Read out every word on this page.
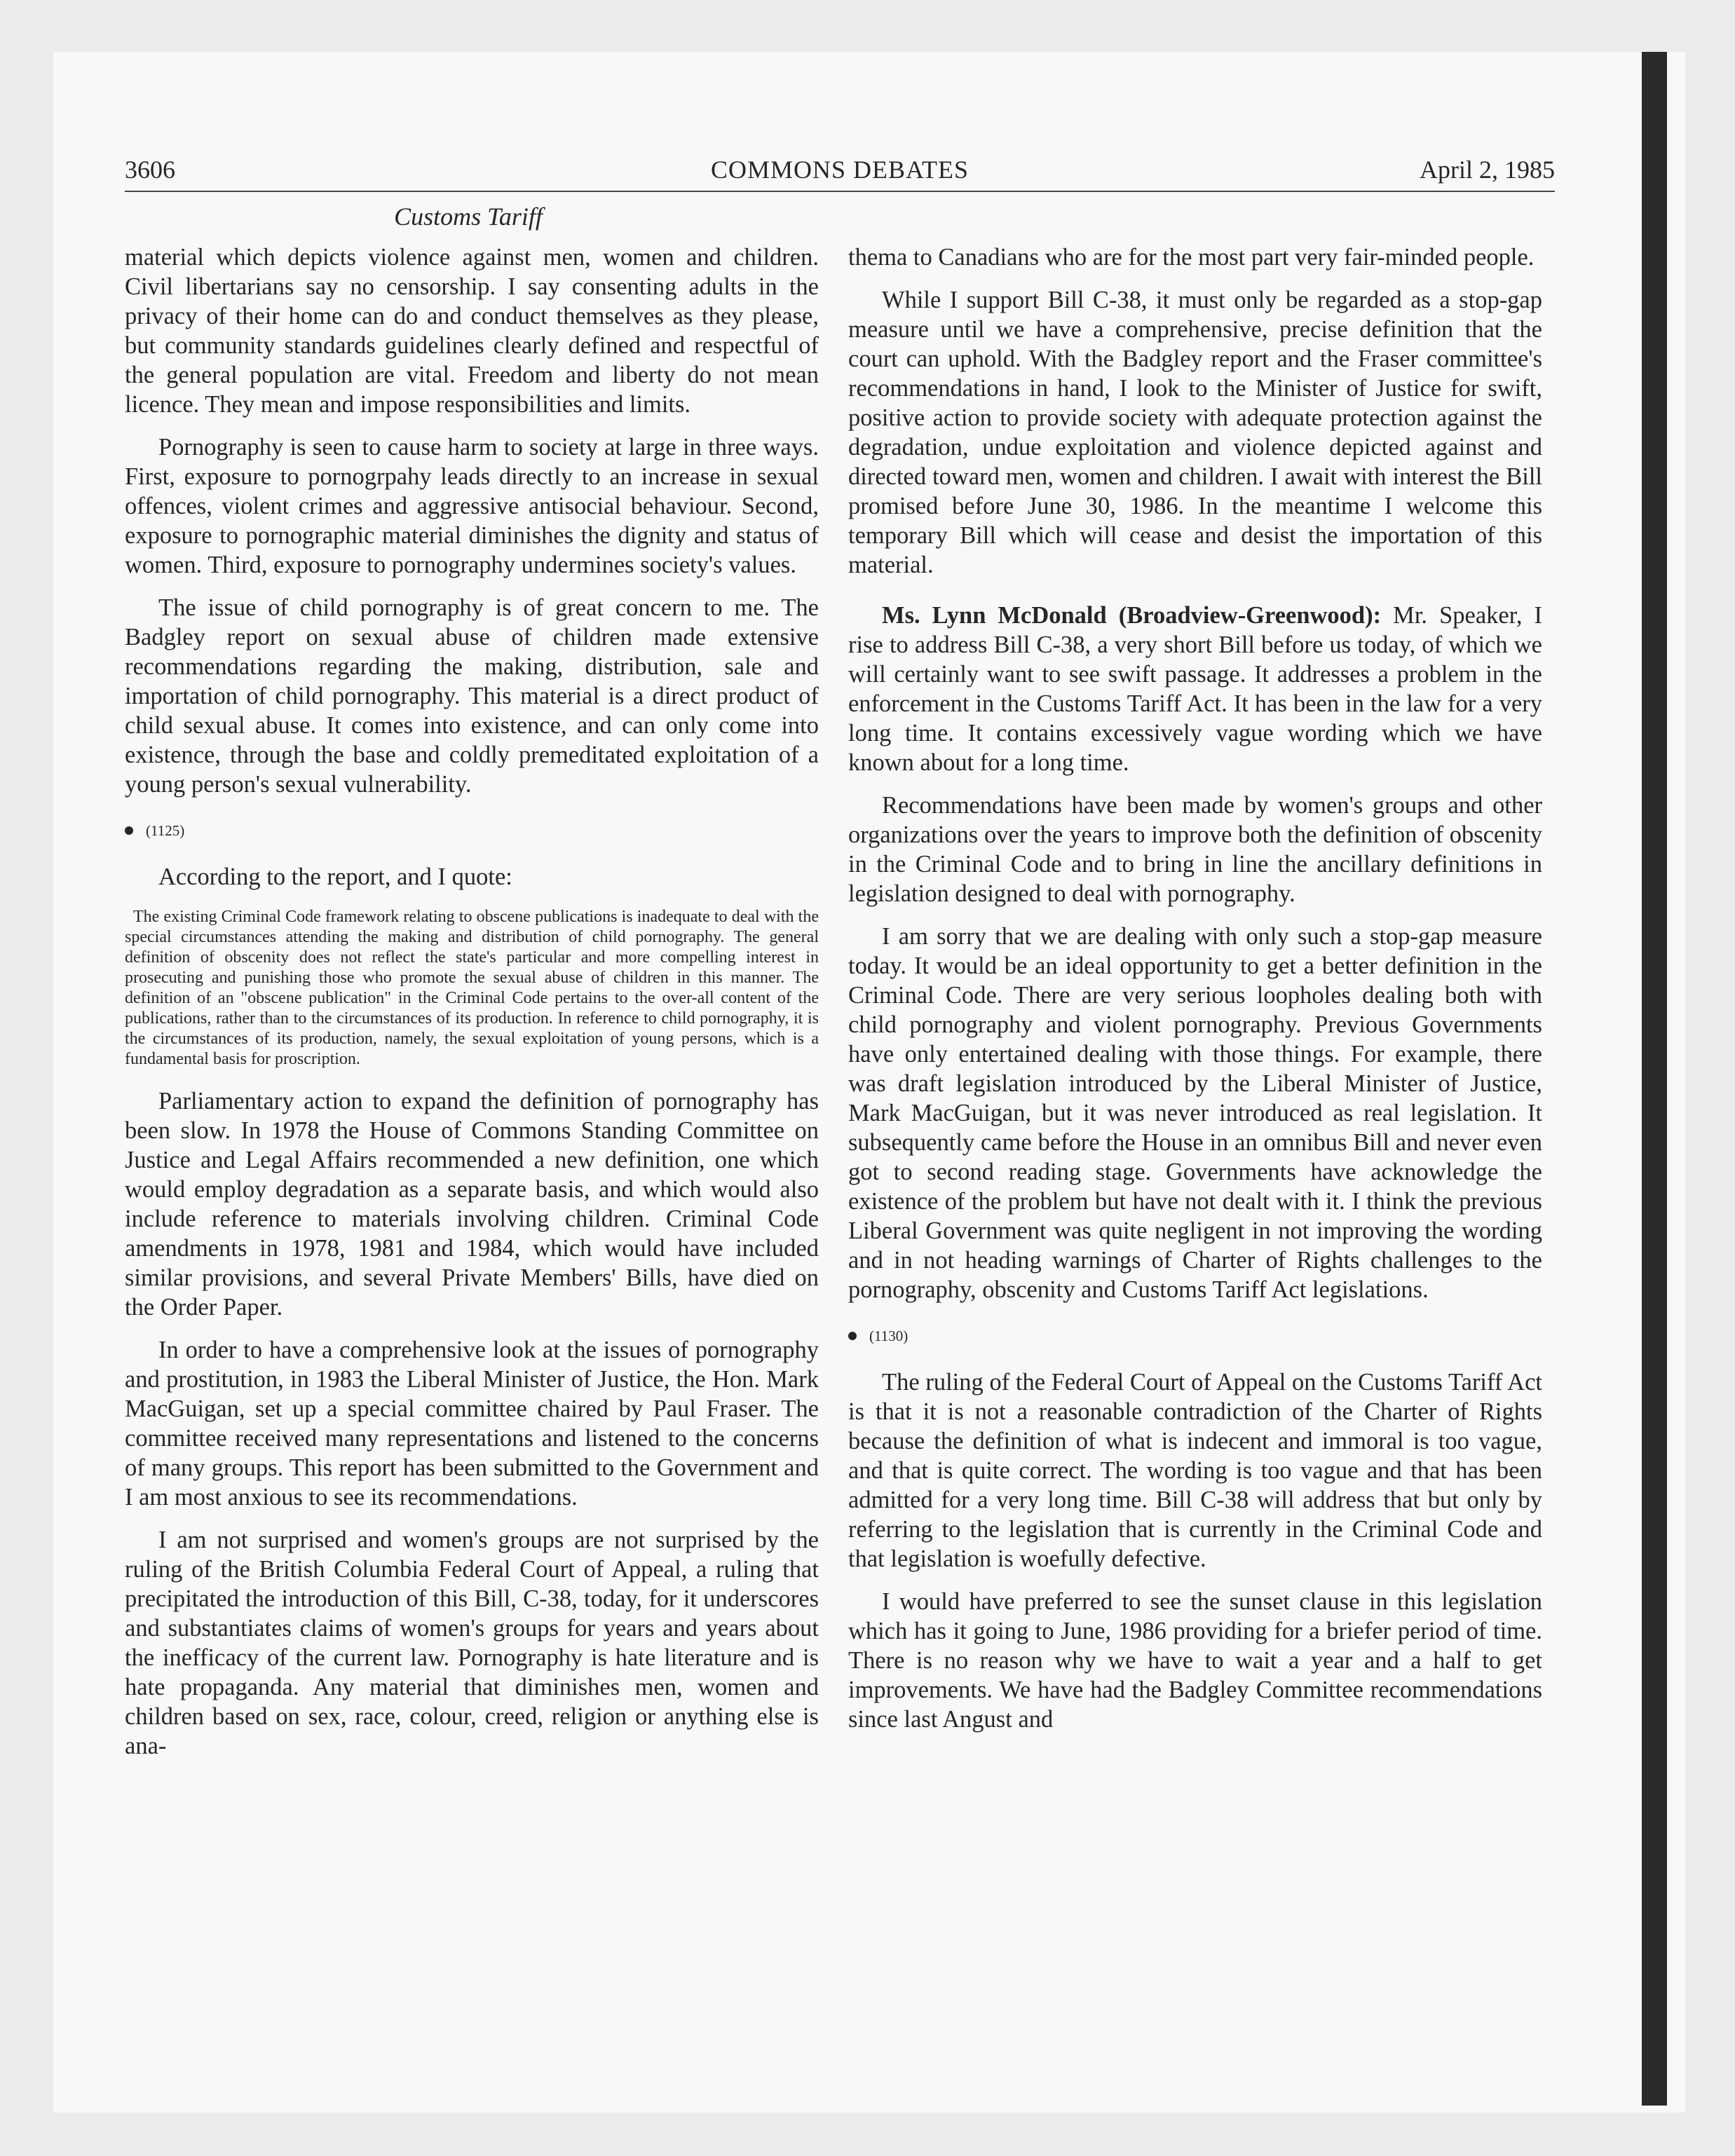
3606	COMMONS DEBATES	April 2, 1985
Customs Tariff

material which depicts violence against men, women and children. Civil libertarians say no censorship. I say consenting adults in the privacy of their home can do and conduct themselves as they please, but community standards guidelines clearly defined and respectful of the general population are vital. Freedom and liberty do not mean licence. They mean and impose responsibilities and limits.

Pornography is seen to cause harm to society at large in three ways. First, exposure to pornogrpahy leads directly to an increase in sexual offences, violent crimes and aggressive antisocial behaviour. Second, exposure to pornographic material diminishes the dignity and status of women. Third, exposure to pornography undermines society's values.

The issue of child pornography is of great concern to me. The Badgley report on sexual abuse of children made extensive recommendations regarding the making, distribution, sale and importation of child pornography. This material is a direct product of child sexual abuse. It comes into existence, and can only come into existence, through the base and coldly premeditated exploitation of a young person's sexual vulnerability.

(1125)

According to the report, and I quote:

The existing Criminal Code framework relating to obscene publications is inadequate to deal with the special circumstances attending the making and distribution of child pornography. The general definition of obscenity does not reflect the state's particular and more compelling interest in prosecuting and punishing those who promote the sexual abuse of children in this manner. The definition of an "obscene publication" in the Criminal Code pertains to the over-all content of the publications, rather than to the circumstances of its production. In reference to child pornography, it is the circumstances of its production, namely, the sexual exploitation of young persons, which is a fundamental basis for proscription.

Parliamentary action to expand the definition of pornography has been slow. In 1978 the House of Commons Standing Committee on Justice and Legal Affairs recommended a new definition, one which would employ degradation as a separate basis, and which would also include reference to materials involving children. Criminal Code amendments in 1978, 1981 and 1984, which would have included similar provisions, and several Private Members' Bills, have died on the Order Paper.

In order to have a comprehensive look at the issues of pornography and prostitution, in 1983 the Liberal Minister of Justice, the Hon. Mark MacGuigan, set up a special committee chaired by Paul Fraser. The committee received many representations and listened to the concerns of many groups. This report has been submitted to the Government and I am most anxious to see its recommendations.

I am not surprised and women's groups are not surprised by the ruling of the British Columbia Federal Court of Appeal, a ruling that precipitated the introduction of this Bill, C-38, today, for it underscores and substantiates claims of women's groups for years and years about the inefficacy of the current law. Pornography is hate literature and is hate propaganda. Any material that diminishes men, women and children based on sex, race, colour, creed, religion or anything else is ana-

thema to Canadians who are for the most part very fair-minded people.

While I support Bill C-38, it must only be regarded as a stop-gap measure until we have a comprehensive, precise definition that the court can uphold. With the Badgley report and the Fraser committee's recommendations in hand, I look to the Minister of Justice for swift, positive action to provide society with adequate protection against the degradation, undue exploitation and violence depicted against and directed toward men, women and children. I await with interest the Bill promised before June 30, 1986. In the meantime I welcome this temporary Bill which will cease and desist the importation of this material.

Ms. Lynn McDonald (Broadview-Greenwood): Mr. Speaker, I rise to address Bill C-38, a very short Bill before us today, of which we will certainly want to see swift passage. It addresses a problem in the enforcement in the Customs Tariff Act. It has been in the law for a very long time. It contains excessively vague wording which we have known about for a long time.

Recommendations have been made by women's groups and other organizations over the years to improve both the definition of obscenity in the Criminal Code and to bring in line the ancillary definitions in legislation designed to deal with pornography.

I am sorry that we are dealing with only such a stop-gap measure today. It would be an ideal opportunity to get a better definition in the Criminal Code. There are very serious loopholes dealing both with child pornography and violent pornography. Previous Governments have only entertained dealing with those things. For example, there was draft legislation introduced by the Liberal Minister of Justice, Mark MacGuigan, but it was never introduced as real legislation. It subsequently came before the House in an omnibus Bill and never even got to second reading stage. Governments have acknowledge the existence of the problem but have not dealt with it. I think the previous Liberal Government was quite negligent in not improving the wording and in not heading warnings of Charter of Rights challenges to the pornography, obscenity and Customs Tariff Act legislations.

(1130)

The ruling of the Federal Court of Appeal on the Customs Tariff Act is that it is not a reasonable contradiction of the Charter of Rights because the definition of what is indecent and immoral is too vague, and that is quite correct. The wording is too vague and that has been admitted for a very long time. Bill C-38 will address that but only by referring to the legislation that is currently in the Criminal Code and that legislation is woefully defective.

I would have preferred to see the sunset clause in this legislation which has it going to June, 1986 providing for a briefer period of time. There is no reason why we have to wait a year and a half to get improvements. We have had the Badgley Committee recommendations since last Angust and
